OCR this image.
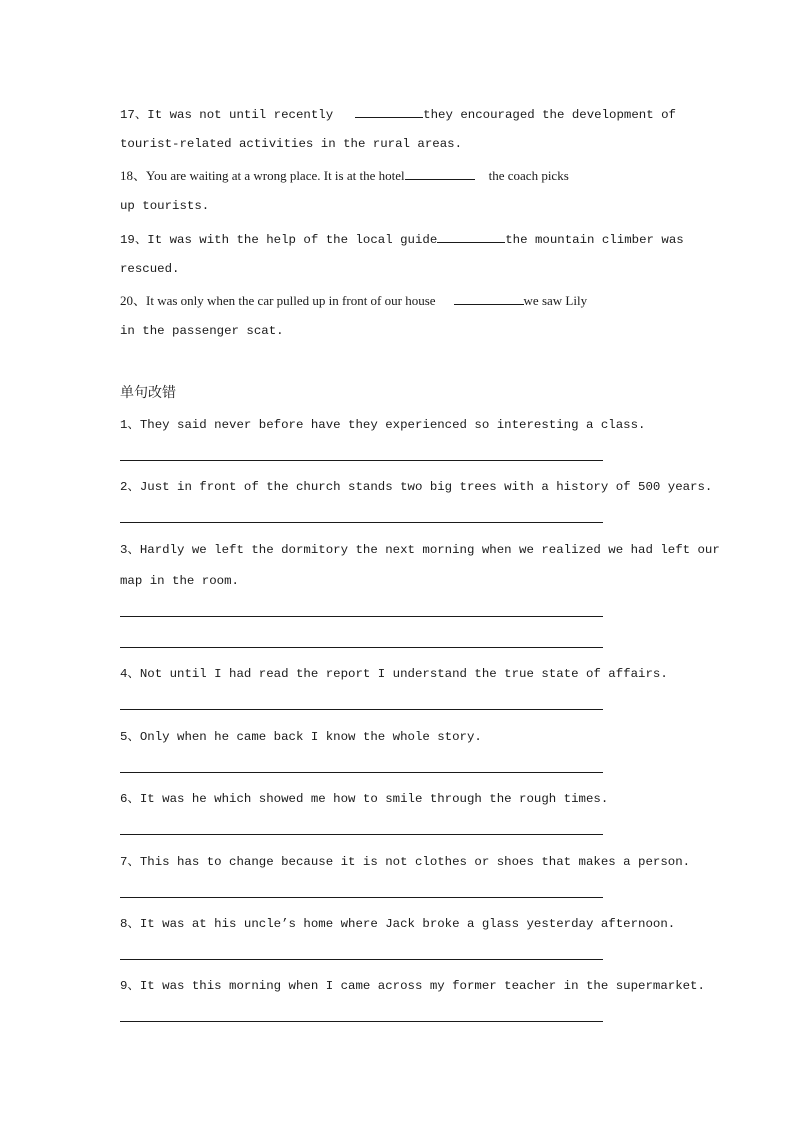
17、It was not until recently	they encouraged the development of
tourist-related activities in the rural areas.
18、You are waiting at a wrong place. It is at the hotel	the coach picks
up tourists.
19、It was with the help of the local guide	the mountain climber was
rescued.
20、It was only when the car pulled up in front of our house	we saw Lily
in the passenger scat.
单句改错
1、They said never before have they experienced so interesting a class.
2、Just in front of the church stands two big trees with a history of 500 years.
3、Hardly we left the dormitory the next morning when we realized we had left our
map in the room.
4、Not until I had read the report I understand the true state of affairs.
5、Only when he came back I know the whole story.
6、It was he which showed me how to smile through the rough times.
7、This has to change because it is not clothes or shoes that makes a person.
8、It was at his uncle’s home where Jack broke a glass yesterday afternoon.
9、It was this morning when I came across my former teacher in the supermarket.
